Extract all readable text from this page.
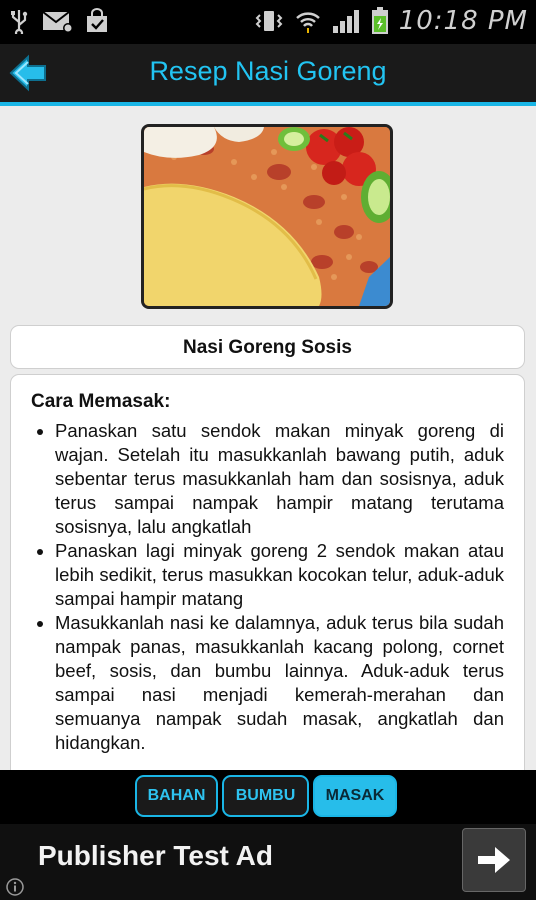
10:18 PM
Resep Nasi Goreng
Nasi Goreng Sosis
Cara Memasak:
• Panaskan satu sendok makan minyak goreng di wajan. Setelah itu masukkanlah bawang putih, aduk sebentar terus masukkanlah ham dan sosisnya, aduk terus sampai nampak hampir matang terutama sosisnya, lalu angkatlah
• Panaskan lagi minyak goreng 2 sendok makan atau lebih sedikit, terus masukkan kocokan telur, aduk-aduk sampai hampir matang
• Masukkanlah nasi ke dalamnya, aduk terus bila sudah nampak panas, masukkanlah kacang polong, cornet beef, sosis, dan bumbu lainnya. Aduk-aduk terus sampai nasi menjadi kemerah-merahan dan semuanya nampak sudah masak, angkatlah dan hidangkan.
BAHAN	BUMBU	MASAK
Publisher Test Ad
